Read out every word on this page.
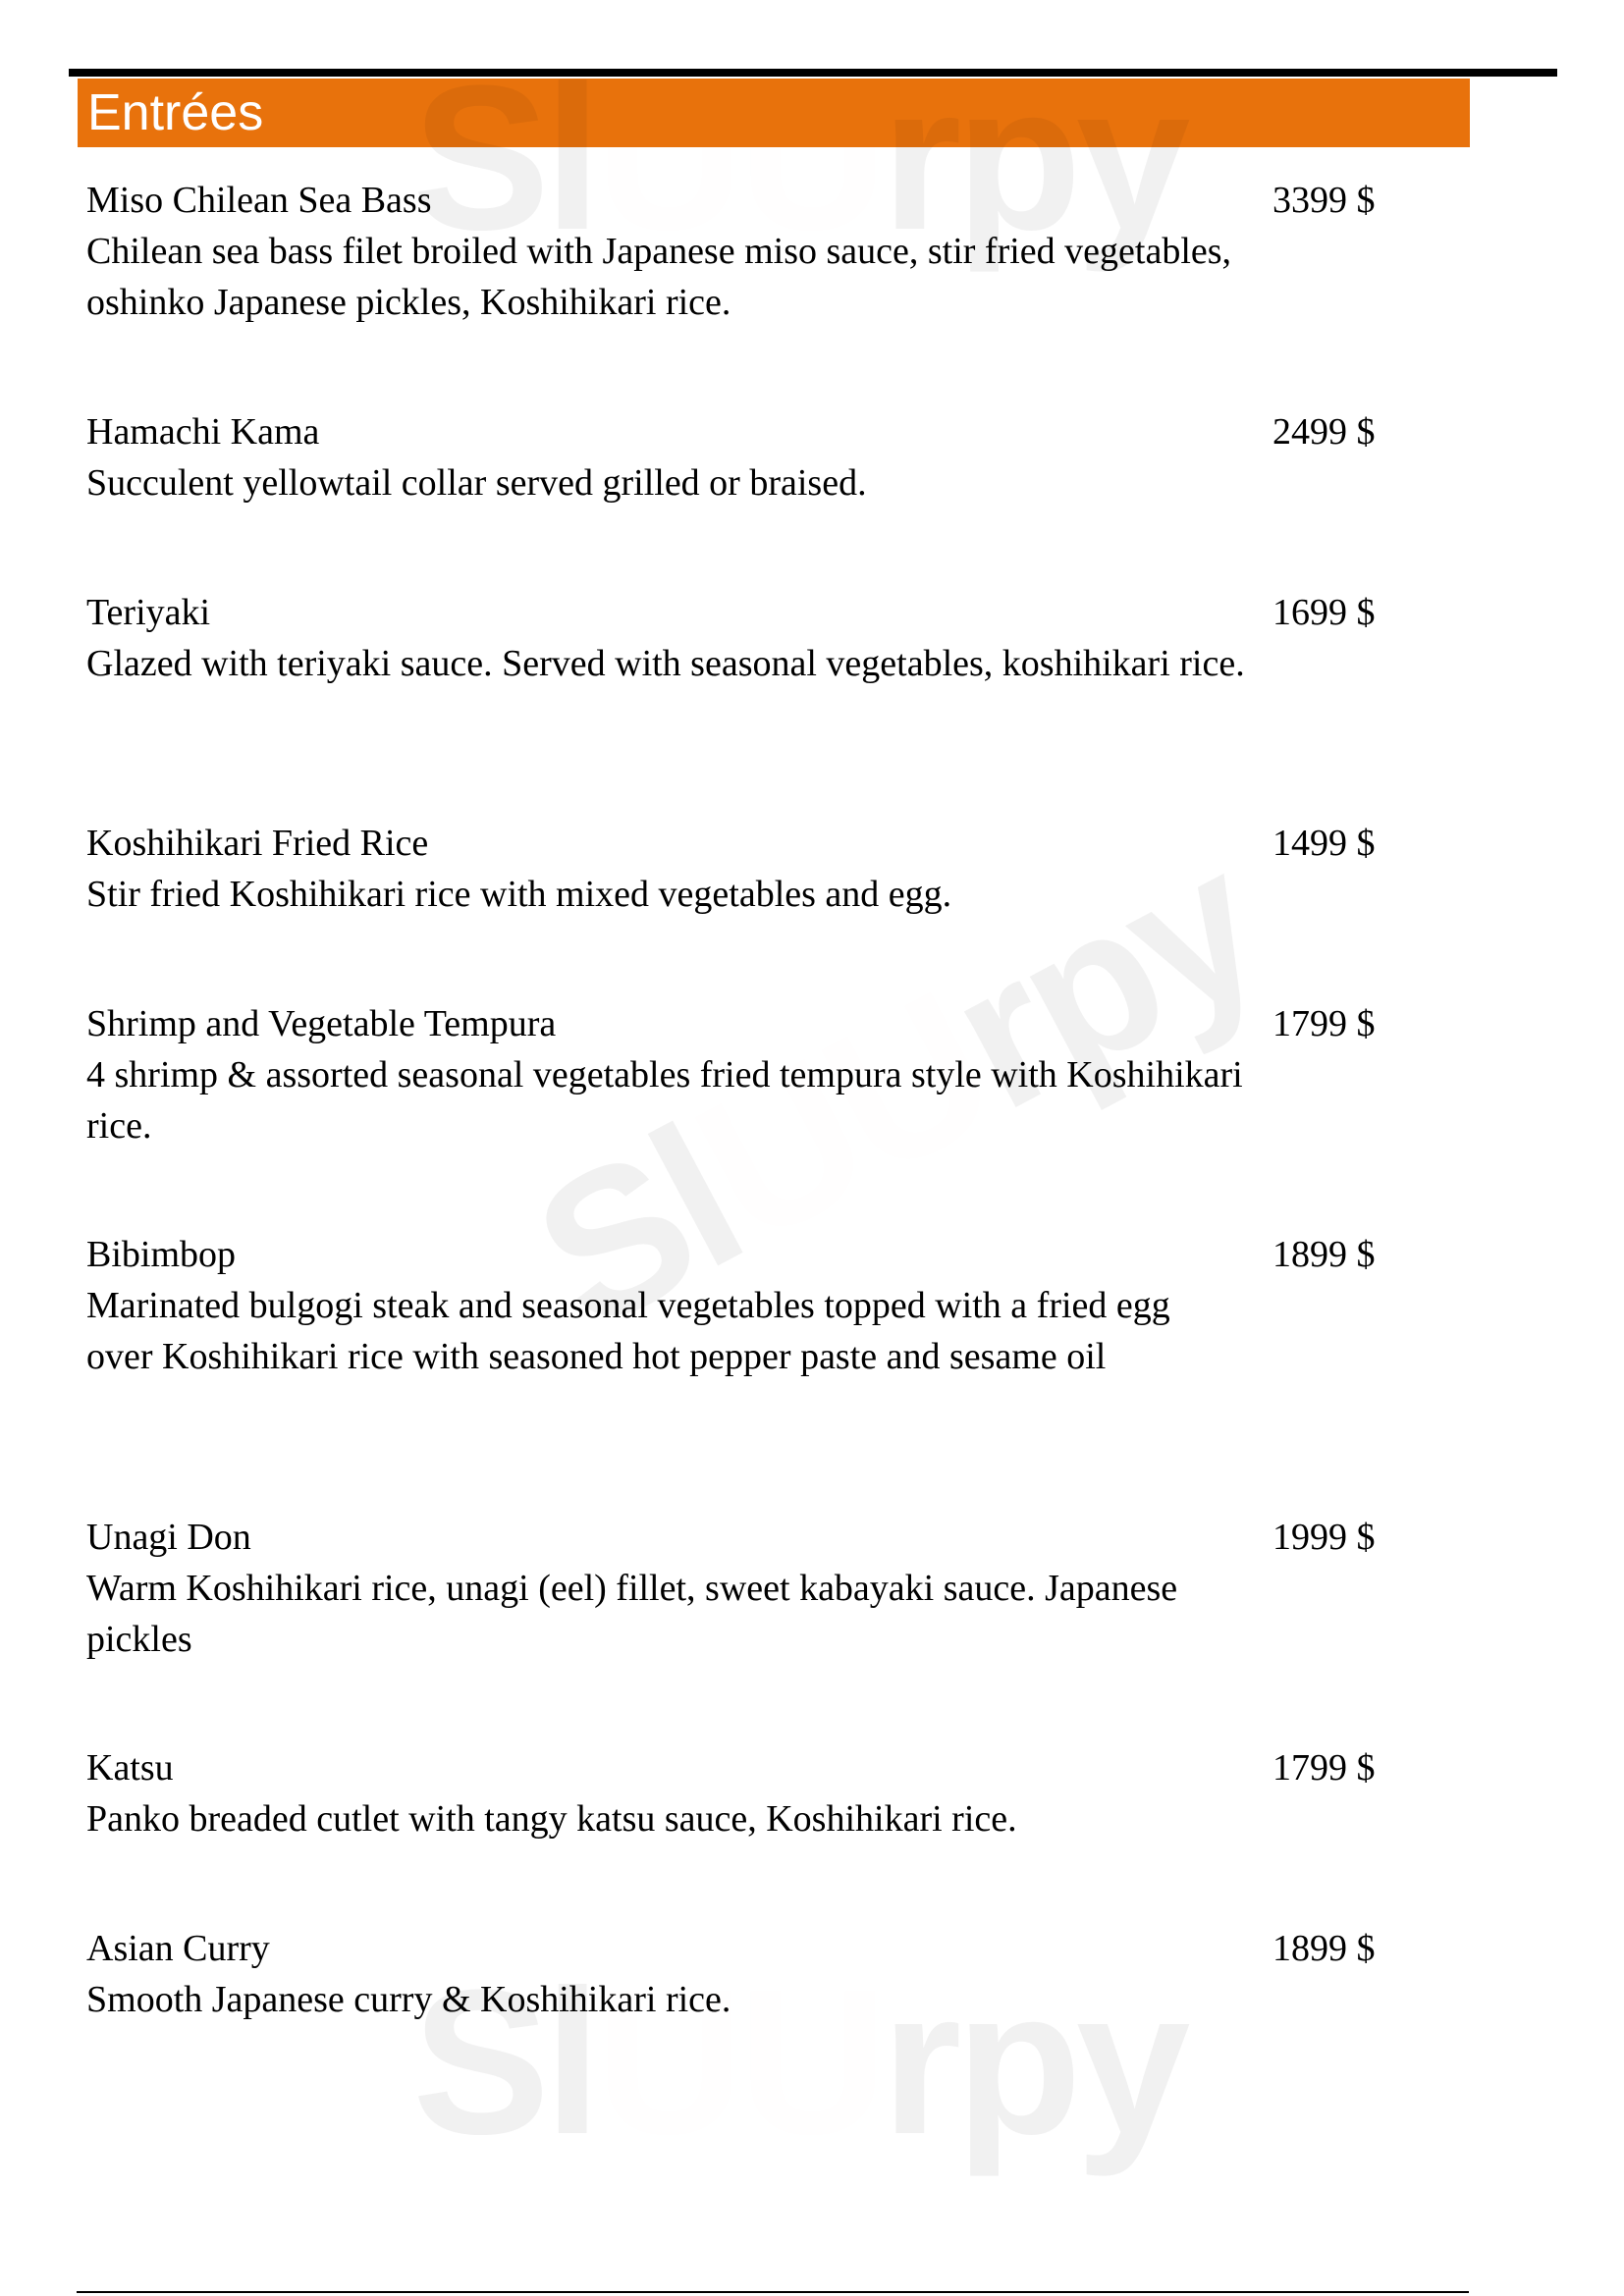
Entrées Sl rpy
Slrpy
Sl rpy
Miso Chilean Sea Bass	3399 $
Chilean sea bass filet broiled with Japanese miso sauce, stir fried vegetables, oshinko Japanese pickles, Koshihikari rice.
Hamachi Kama	2499 $
Succulent yellowtail collar served grilled or braised.
Teriyaki	1699 $
Glazed with teriyaki sauce. Served with seasonal vegetables, koshihikari rice.
Koshihikari Fried Rice	1499 $
Stir fried Koshihikari rice with mixed vegetables and egg.
Shrimp and Vegetable Tempura	1799 $
4 shrimp & assorted seasonal vegetables fried tempura style with Koshihikari rice.
Bibimbop	1899 $
Marinated bulgogi steak and seasonal vegetables topped with a fried egg over Koshihikari rice with seasoned hot pepper paste and sesame oil
Unagi Don	1999 $
Warm Koshihikari rice, unagi (eel) fillet, sweet kabayaki sauce. Japanese pickles
Katsu	1799 $
Panko breaded cutlet with tangy katsu sauce, Koshihikari rice.
Asian Curry	1899 $
Smooth Japanese curry & Koshihikari rice.
